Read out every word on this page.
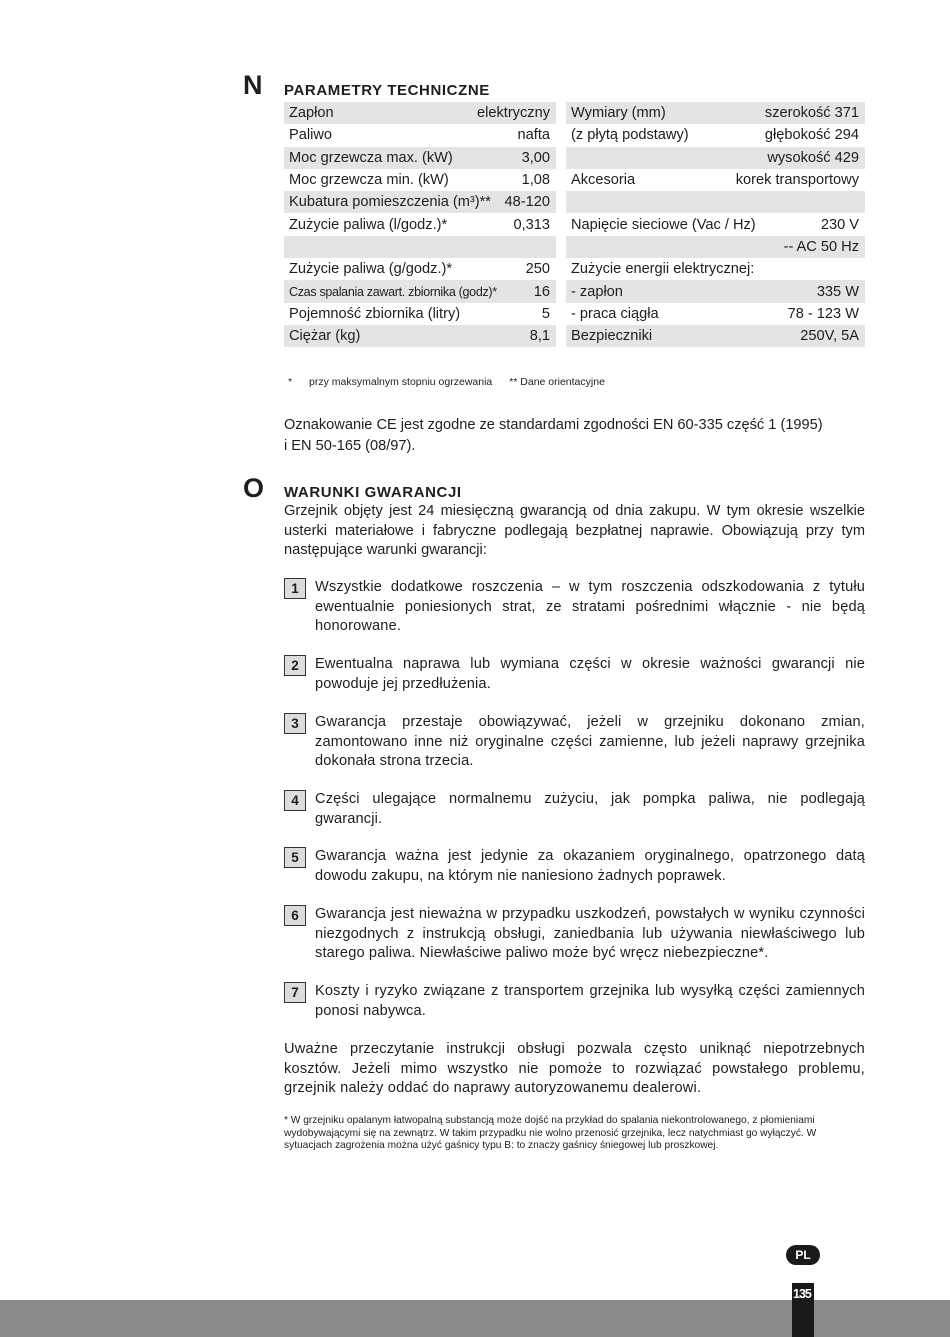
N PARAMETRY TECHNICZNE
Zapłon	elektryczny
Paliwo	nafta
Moc grzewcza max. (kW)	3,00
Moc grzewcza min. (kW)	1,08
Kubatura pomieszczenia (m³)** 48-120
Zużycie paliwa (l/godz.)*	0,313
Zużycie paliwa (g/godz.)*	250
Czas spalania zawart. zbiornika (godz)*	16
Pojemność zbiornika (litry)	5
Ciężar (kg)	8,1
Wymiary (mm)	szerokość 371
(z płytą podstawy)	głębokość 294
wysokość 429
Akcesoria	korek transportowy
Napięcie sieciowe (Vac / Hz)	230 V
-- AC 50 Hz
Zużycie energii elektrycznej:
- zapłon	335 W
- praca ciągła	78 - 123 W
Bezpieczniki	250V, 5A
* przy maksymalnym stopniu ogrzewania ** Dane orientacyjne
Oznakowanie CE jest zgodne ze standardami zgodności EN 60-335 część 1 (1995)
i EN 50-165 (08/97).
O WARUNKI GWARANCJI
Grzejnik objęty jest 24 miesięczną gwarancją od dnia zakupu. W tym okresie wszelkie usterki materiałowe i fabryczne podlegają bezpłatnej naprawie. Obowiązują przy tym następujące warunki gwarancji:
1	Wszystkie dodatkowe roszczenia – w tym roszczenia odszkodowania z tytułu ewentualnie poniesionych strat, ze stratami pośrednimi włącznie - nie będą honorowane.
2	Ewentualna naprawa lub wymiana części w okresie ważności gwarancji nie powoduje jej przedłużenia.
3	Gwarancja przestaje obowiązywać, jeżeli w grzejniku dokonano zmian, zamontowano inne niż oryginalne części zamienne, lub jeżeli naprawy grzejnika dokonała strona trzecia.
4	Części ulegające normalnemu zużyciu, jak pompka paliwa, nie podlegają gwarancji.
5	Gwarancja ważna jest jedynie za okazaniem oryginalnego, opatrzonego datą dowodu zakupu, na którym nie naniesiono żadnych poprawek.
6	Gwarancja jest nieważna w przypadku uszkodzeń, powstałych w wyniku czynności niezgodnych z instrukcją obsługi, zaniedbania lub używania niewłaściwego lub starego paliwa. Niewłaściwe paliwo może być wręcz niebezpieczne*.
7	Koszty i ryzyko związane z transportem grzejnika lub wysyłką części zamiennych ponosi nabywca.
Uważne przeczytanie instrukcji obsługi pozwala często uniknąć niepotrzebnych kosztów. Jeżeli mimo wszystko nie pomoże to rozwiązać powstałego problemu, grzejnik należy oddać do naprawy autoryzowanemu dealerowi.
* W grzejniku opalanym łatwopalną substancją może dojść na przykład do spalania niekontrolowanego, z płomieniami wydobywającymi się na zewnątrz. W takim przypadku nie wolno przenosić grzejnika, lecz natychmiast go wyłączyć. W sytuacjach zagrożenia można użyć gaśnicy typu B: to znaczy gaśnicy śniegowej lub proszkowej.
PL
135
